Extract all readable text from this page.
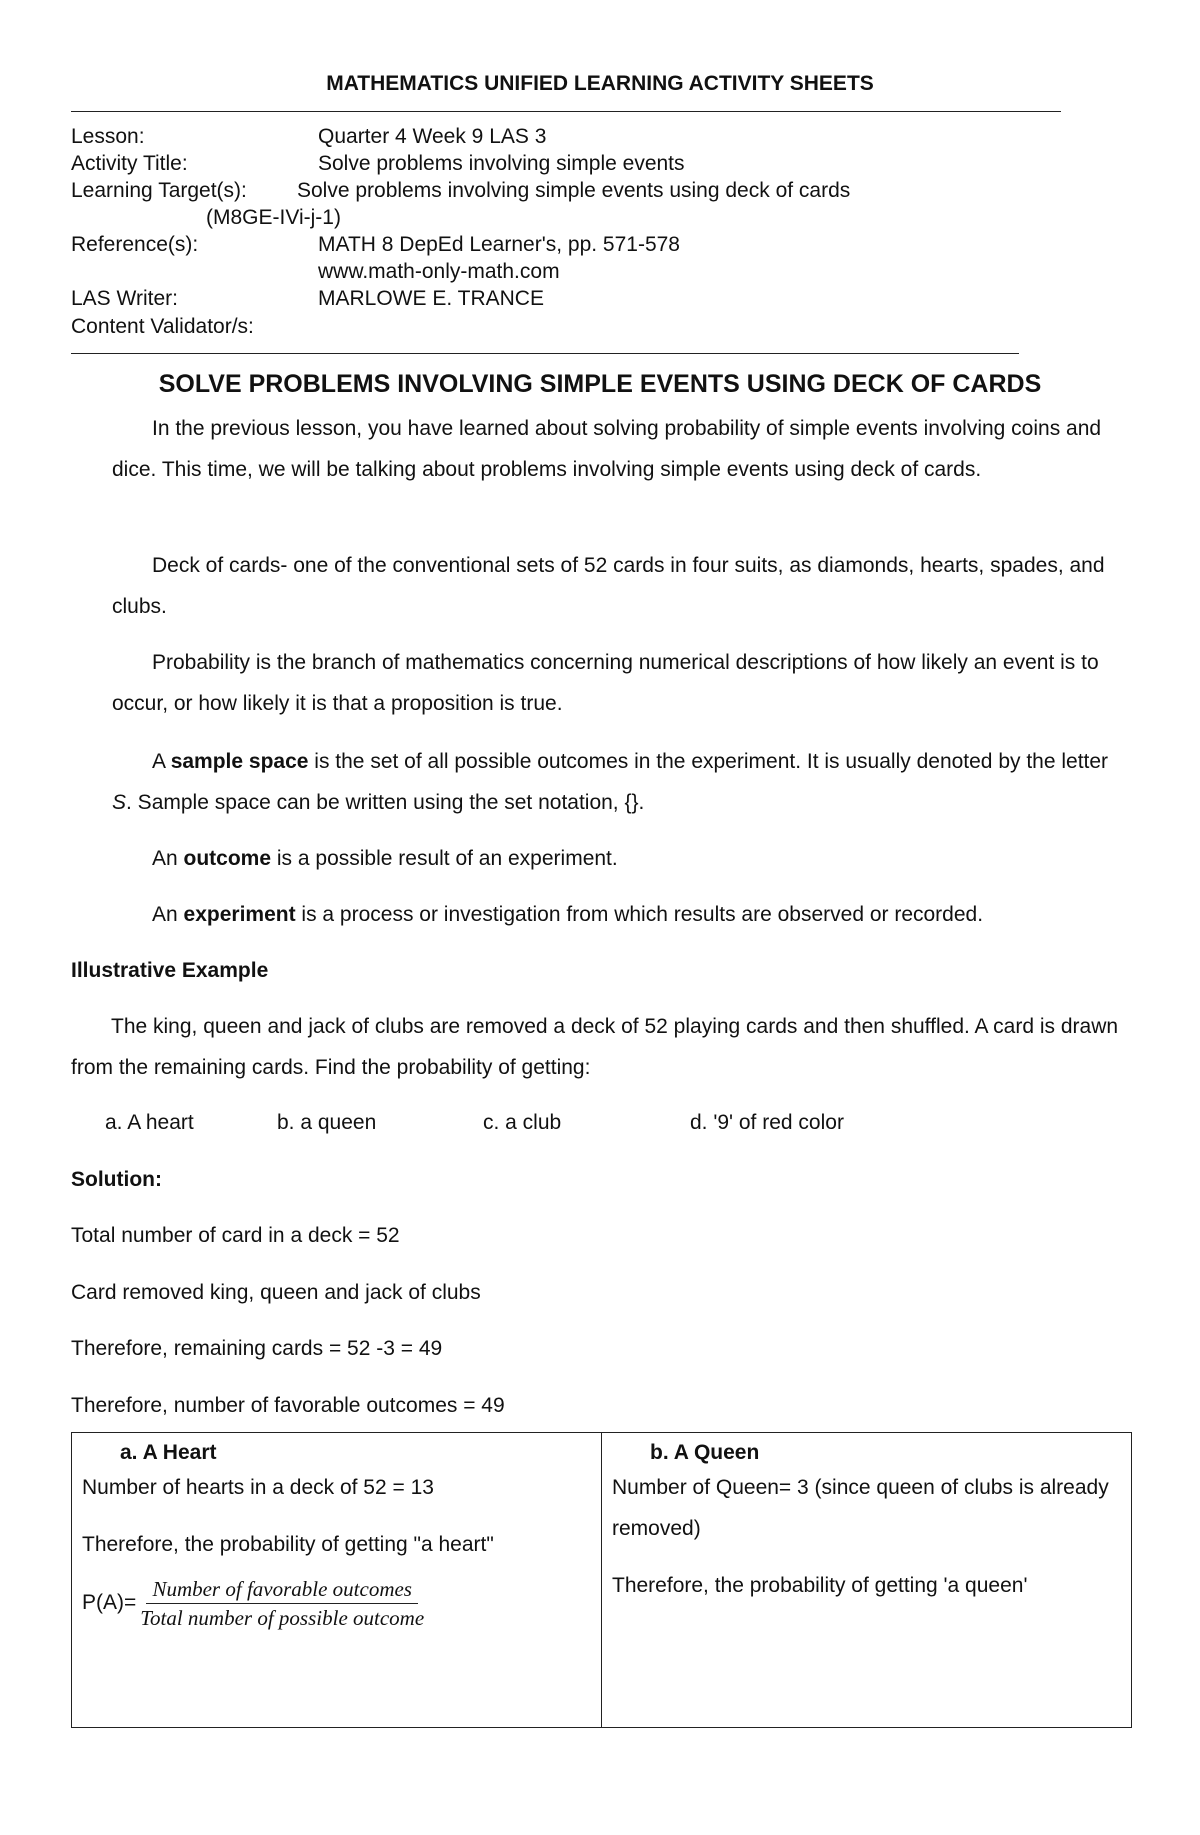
MATHEMATICS UNIFIED LEARNING ACTIVITY SHEETS
Lesson:	Quarter 4 Week 9 LAS 3
Activity Title:	Solve problems involving simple events
Learning Target(s): Solve problems involving simple events using deck of cards
(M8GE-IVi-j-1)
Reference(s):	MATH 8 DepEd Learner's, pp. 571-578
www.math-only-math.com
LAS Writer:	MARLOWE E. TRANCE
Content Validator/s:
SOLVE PROBLEMS INVOLVING SIMPLE EVENTS USING DECK OF CARDS
In the previous lesson, you have learned about solving probability of simple events involving coins and dice. This time, we will be talking about problems involving simple events using deck of cards.
Deck of cards- one of the conventional sets of 52 cards in four suits, as diamonds, hearts, spades, and clubs.
Probability is the branch of mathematics concerning numerical descriptions of how likely an event is to occur, or how likely it is that a proposition is true.
A sample space is the set of all possible outcomes in the experiment. It is usually denoted by the letter S. Sample space can be written using the set notation, {}.
An outcome is a possible result of an experiment.
An experiment is a process or investigation from which results are observed or recorded.
Illustrative Example
The king, queen and jack of clubs are removed a deck of 52 playing cards and then shuffled. A card is drawn from the remaining cards. Find the probability of getting:
a. A heart	b. a queen	c. a club	d. '9' of red color
Solution:
Total number of card in a deck = 52
Card removed king, queen and jack of clubs
Therefore, remaining cards = 52 -3 = 49
Therefore, number of favorable outcomes = 49
a. A Heart
Number of hearts in a deck of 52 = 13
Therefore, the probability of getting "a heart"
$P(A)= \frac{\text{Number of favorable outcomes}}{\text{Total number of possible outcome}}$

b. A Queen
Number of Queen= 3 (since queen of clubs is already removed)
Therefore, the probability of getting 'a queen'
